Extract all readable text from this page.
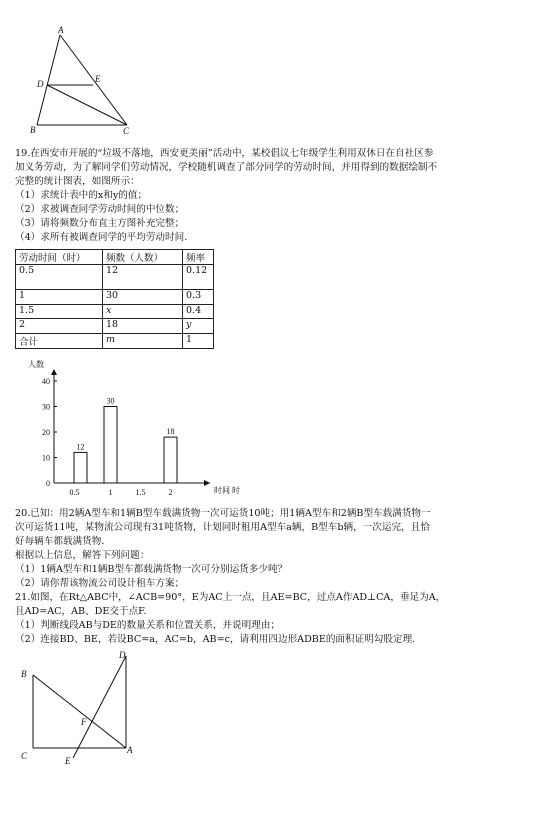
A
D	E
B	C
19.在西安市开展的“垃圾不落地，西安更美丽”活动中，某校倡议七年级学生利用双休日在自社区参
加义务劳动，为了解同学们劳动情况，学校随机调查了部分同学的劳动时间，并用得到的数据绘制不
完整的统计图表，如图所示：
（1）求统计表中的x和y的值；
（2）求被调查同学劳动时间的中位数；
（3）请将频数分布直主方图补充完整；
（4）求所有被调查同学的平均劳动时间.
劳动时间（时）	频数（人数）	频率
0.5	12	0.12
1	30	0.3
1.5	x	0.4
2	18	y
合计	m	1
0
10
20
30
40
人数
时间 时
12
0.5
30
1	1.5
18
2
20.已知：用2辆A型车和1辆B型车载满货物一次可运货10吨；用1辆A型车和2辆B型车载满货物一
次可运货11吨，某物流公司现有31吨货物，计划同时租用A型车a辆，B型车b辆，一次运完，且恰
好每辆车都载满货物.
根据以上信息，解答下列问题：
（1）1辆A型车和1辆B型车都载满货物一次可分别运货多少吨？
（2）请你帮该物流公司设计租车方案；
21.如图，在Rt△ABC中，∠ACB=90°，E为AC上一点，且AE=BC，过点A作AD⊥CA，垂足为A，
且AD=AC，AB、DE交于点F.
（1）判断线段AB与DE的数量关系和位置关系，并说明理由；
（2）连接BD、BE，若设BC=a，AC=b，AB=c，请利用四边形ADBE的面积证明勾股定理.
D
B
F
C	E
A
